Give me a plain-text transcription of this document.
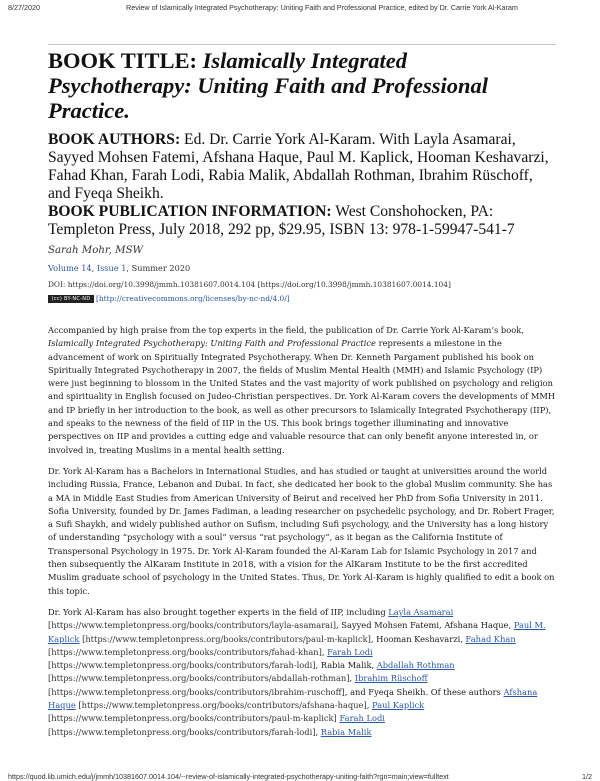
8/27/2020	Review of Islamically Integrated Psychotherapy: Uniting Faith and Professional Practice, edited by Dr. Carrie York Al-Karam
BOOK TITLE: Islamically Integrated Psychotherapy: Uniting Faith and Professional Practice.
BOOK AUTHORS: Ed. Dr. Carrie York Al-Karam. With Layla Asamarai, Sayyed Mohsen Fatemi, Afshana Haque, Paul M. Kaplick, Hooman Keshavarzi, Fahad Khan, Farah Lodi, Rabia Malik, Abdallah Rothman, Ibrahim Rüschoff, and Fyeqa Sheikh.
BOOK PUBLICATION INFORMATION: West Conshohocken, PA: Templeton Press, July 2018, 292 pp, $29.95, ISBN 13: 978-1-59947-541-7
Sarah Mohr, MSW
Volume 14, Issue 1, Summer 2020
DOI: https://doi.org/10.3998/jmmh.10381607.0014.104 [https://doi.org/10.3998/jmmh.10381607.0014.104]
(cc) BY-NC-ND [http://creativecommons.org/licenses/by-nc-nd/4.0/]

Accompanied by high praise from the top experts in the field, the publication of Dr. Carrie York Al-Karam’s book, Islamically Integrated Psychotherapy: Uniting Faith and Professional Practice represents a milestone in the advancement of work on Spiritually Integrated Psychotherapy. When Dr. Kenneth Pargament published his book on Spiritually Integrated Psychotherapy in 2007, the fields of Muslim Mental Health (MMH) and Islamic Psychology (IP) were just beginning to blossom in the United States and the vast majority of work published on psychology and religion and spirituality in English focused on Judeo-Christian perspectives. Dr. York Al-Karam covers the developments of MMH and IP briefly in her introduction to the book, as well as other precursors to Islamically Integrated Psychotherapy (IIP), and speaks to the newness of the field of IIP in the US. This book brings together illuminating and innovative perspectives on IIP and provides a cutting edge and valuable resource that can only benefit anyone interested in, or involved in, treating Muslims in a mental health setting.

Dr. York Al-Karam has a Bachelors in International Studies, and has studied or taught at universities around the world including Russia, France, Lebanon and Dubai. In fact, she dedicated her book to the global Muslim community. She has a MA in Middle East Studies from American University of Beirut and received her PhD from Sofia University in 2011. Sofia University, founded by Dr. James Fadiman, a leading researcher on psychedelic psychology, and Dr. Robert Frager, a Sufi Shaykh, and widely published author on Sufism, including Sufi psychology, and the University has a long history of understanding “psychology with a soul” versus “rat psychology”, as it began as the California Institute of Transpersonal Psychology in 1975. Dr. York Al-Karam founded the Al-Karam Lab for Islamic Psychology in 2017 and then subsequently the AlKaram Institute in 2018, with a vision for the AlKaram Institute to be the first accredited Muslim graduate school of psychology in the United States. Thus, Dr. York Al-Karam is highly qualified to edit a book on this topic.

Dr. York Al-Karam has also brought together experts in the field of IIP, including Layla Asamarai [https://www.templetonpress.org/books/contributors/layla-asamarai], Sayyed Mohsen Fatemi, Afshana Haque, Paul M. Kaplick [https://www.templetonpress.org/books/contributors/paul-m-kaplick], Hooman Keshavarzi, Fahad Khan [https://www.templetonpress.org/books/contributors/fahad-khan], Farah Lodi [https://www.templetonpress.org/books/contributors/farah-lodi], Rabia Malik, Abdallah Rothman [https://www.templetonpress.org/books/contributors/abdallah-rothman], Ibrahim Rüschoff [https://www.templetonpress.org/books/contributors/ibrahim-ruschoff], and Fyeqa Sheikh. Of these authors Afshana Haque [https://www.templetonpress.org/books/contributors/afshana-haque], Paul Kaplick [https://www.templetonpress.org/books/contributors/paul-m-kaplick] Farah Lodi [https://www.templetonpress.org/books/contributors/farah-lodi], Rabia Malik

https://quod.lib.umich.edu/j/jmmh/10381607.0014.104/--review-of-islamically-integrated-psychotherapy-uniting-faith?rgn=main;view=fulltext	1/2
